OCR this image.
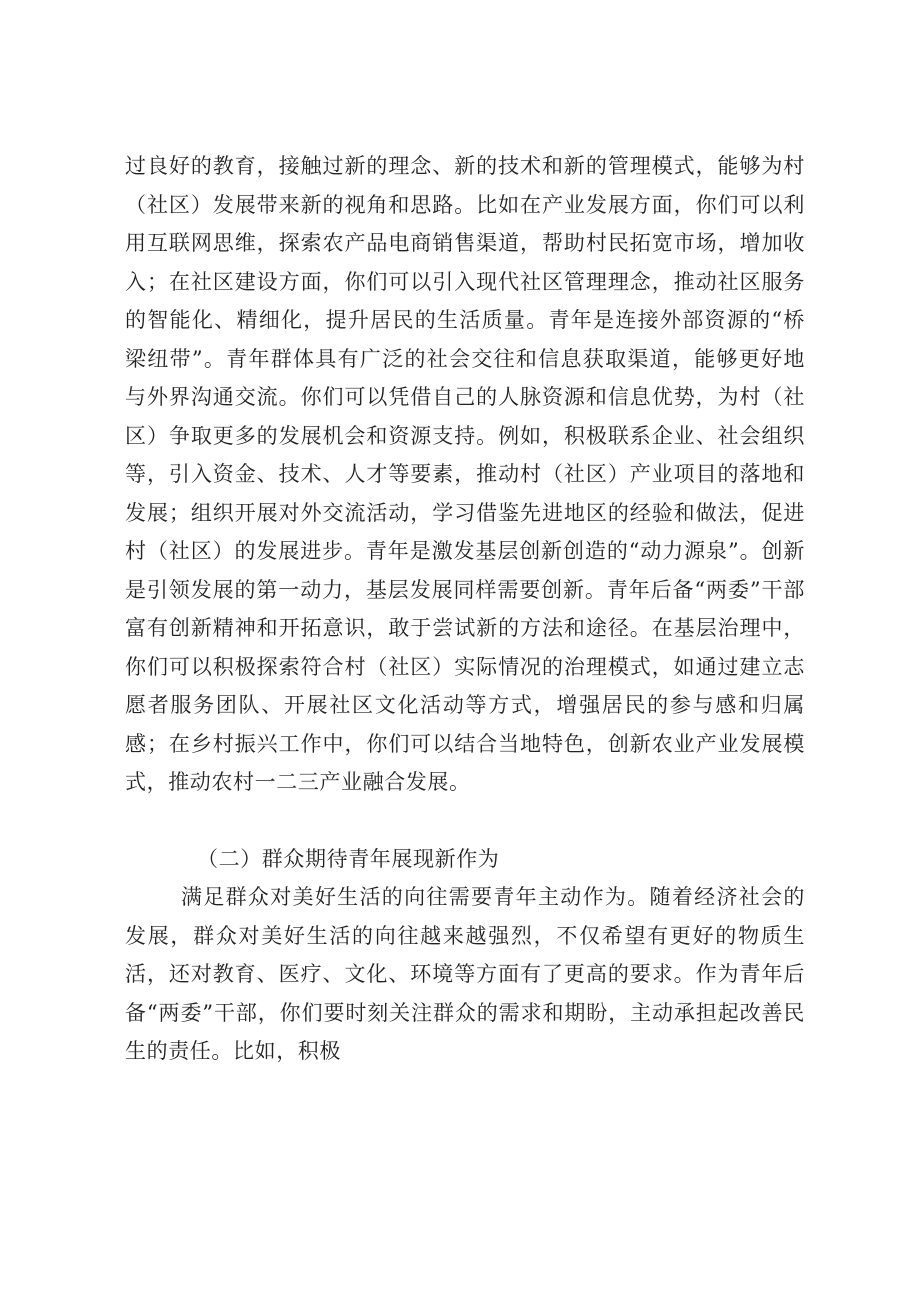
过良好的教育，接触过新的理念、新的技术和新的管理模式，能够为村（社区）发展带来新的视角和思路。比如在产业发展方面，你们可以利用互联网思维，探索农产品电商销售渠道，帮助村民拓宽市场，增加收入；在社区建设方面，你们可以引入现代社区管理理念，推动社区服务的智能化、精细化，提升居民的生活质量。青年是连接外部资源的“桥梁纽带”。青年群体具有广泛的社会交往和信息获取渠道，能够更好地与外界沟通交流。你们可以凭借自己的人脉资源和信息优势，为村（社区）争取更多的发展机会和资源支持。例如，积极联系企业、社会组织等，引入资金、技术、人才等要素，推动村（社区）产业项目的落地和发展；组织开展对外交流活动，学习借鉴先进地区的经验和做法，促进村（社区）的发展进步。青年是激发基层创新创造的“动力源泉”。创新是引领发展的第一动力，基层发展同样需要创新。青年后备“两委”干部富有创新精神和开拓意识，敢于尝试新的方法和途径。在基层治理中，你们可以积极探索符合村（社区）实际情况的治理模式，如通过建立志愿者服务团队、开展社区文化活动等方式，增强居民的参与感和归属感；在乡村振兴工作中，你们可以结合当地特色，创新农业产业发展模式，推动农村一二三产业融合发展。

（二）群众期待青年展现新作为

满足群众对美好生活的向往需要青年主动作为。随着经济社会的发展，群众对美好生活的向往越来越强烈，不仅希望有更好的物质生活，还对教育、医疗、文化、环境等方面有了更高的要求。作为青年后备“两委”干部，你们要时刻关注群众的需求和期盼，主动承担起改善民生的责任。比如，积极
